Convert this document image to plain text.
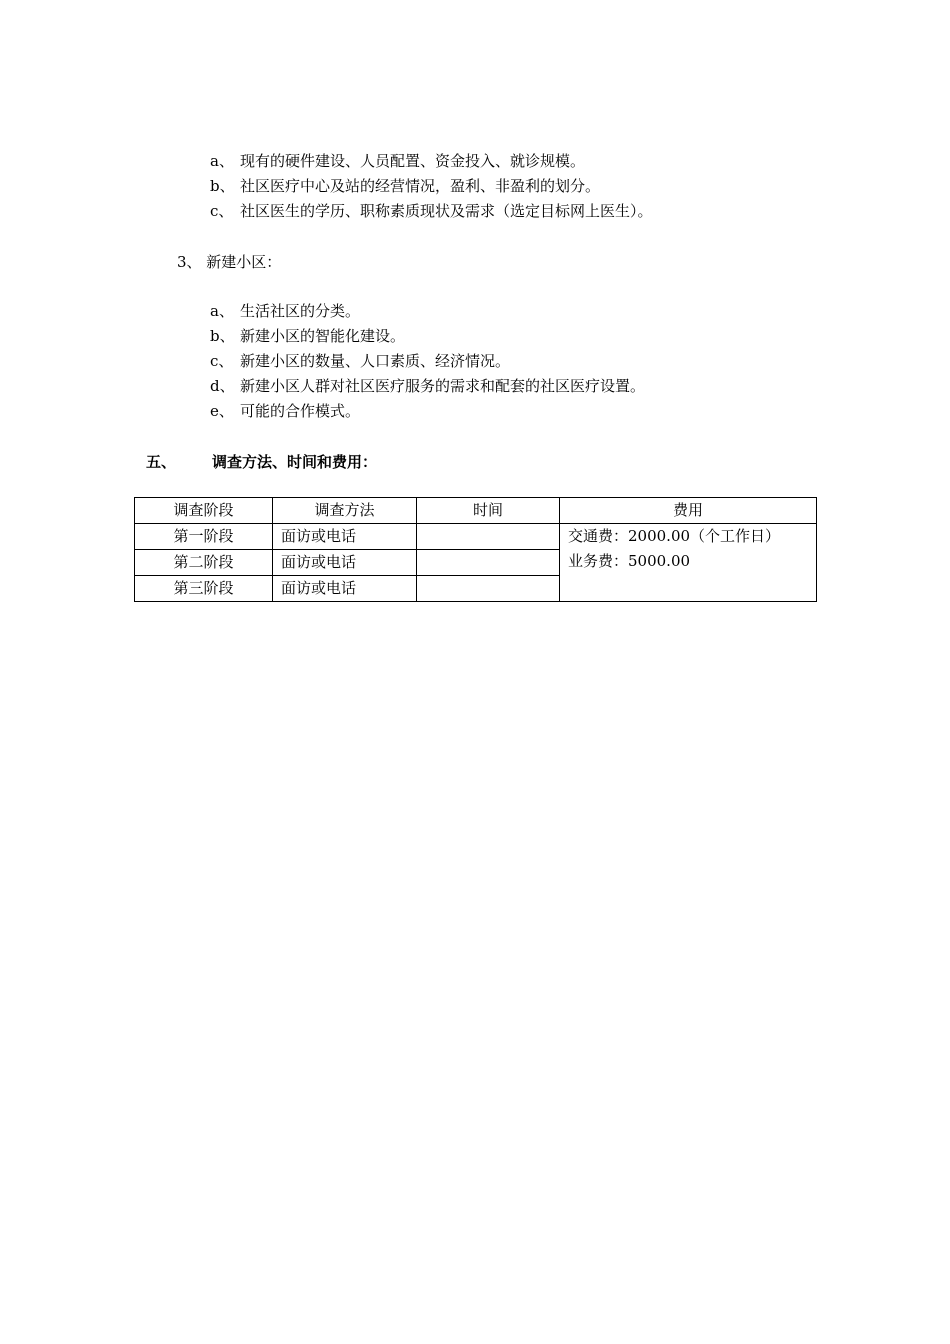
a、 现有的硬件建设、人员配置、资金投入、就诊规模。
b、 社区医疗中心及站的经营情况，盈利、非盈利的划分。
c、 社区医生的学历、职称素质现状及需求（选定目标网上医生）。
3、 新建小区：
a、 生活社区的分类。
b、 新建小区的智能化建设。
c、 新建小区的数量、人口素质、经济情况。
d、 新建小区人群对社区医疗服务的需求和配套的社区医疗设置。
e、 可能的合作模式。
五、 调查方法、时间和费用：
调查阶段	调查方法	时间	费用
第一阶段	面访或电话		交通费：2000.00（个工作日）
业务费：5000.00

第二阶段	面访或电话		
第三阶段	面访或电话		
